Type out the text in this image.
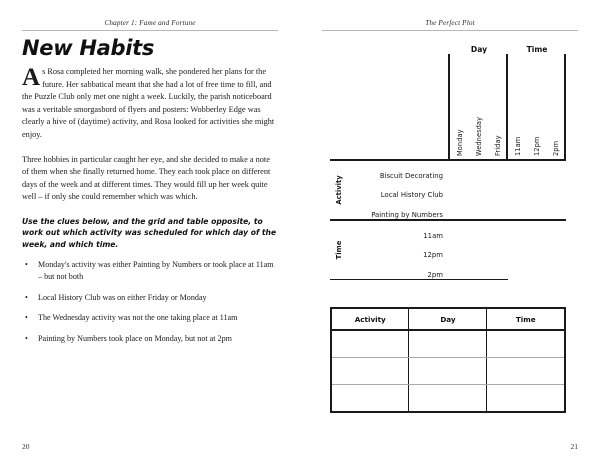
Chapter 1: Fame and Fortune
New Habits

As Rosa completed her morning walk, she pondered her plans for the future. Her sabbatical meant that she had a lot of free time to fill, and the Puzzle Club only met one night a week. Luckily, the parish noticeboard was a veritable smorgasbord of flyers and posters: Wobberley Edge was clearly a hive of (daytime) activity, and Rosa looked for activities she might enjoy.

Three hobbies in particular caught her eye, and she decided to make a note of them when she finally returned home. They each took place on different days of the week and at different times. They would fill up her week quite well – if only she could remember which was which.

Use the clues below, and the grid and table opposite, to work out which activity was scheduled for which day of the week, and which time.

• Monday's activity was either Painting by Numbers or took place at 11am – but not both
• Local History Club was on either Friday or Monday
• The Wednesday activity was not the one taking place at 11am
• Painting by Numbers took place on Monday, but not at 2pm
20
The Perfect Plot
		Day			Time		

		Monday	Wednesday	Friday	11am	12pm	2pm

Activity	Biscuit Decorating						
	Local History Club						
	Painting by Numbers						

Time	11am						
	12pm						
	2pm						

Activity	Day	Time

21
